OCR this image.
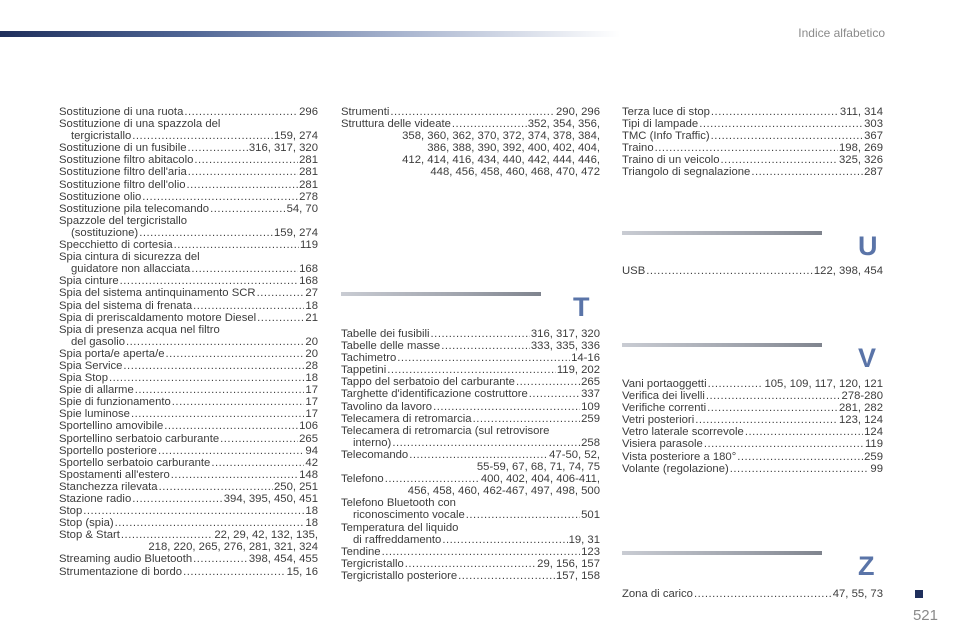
Indice alfabetico
Sostituzione di una ruota .....	296
Sostituzione di una spazzola del
tergicristallo .....	159, 274
Sostituzione di un fusibile .....	316, 317, 320
Sostituzione filtro abitacolo .....	281
Sostituzione filtro dell'aria .....	281
Sostituzione filtro dell'olio .....	281
Sostituzione olio .....	278
Sostituzione pila telecomando .....	54, 70
Spazzole del tergicristallo
(sostituzione) .....	159, 274
Specchietto di cortesia .....	119
Spia cintura di sicurezza del
guidatore non allacciata .....	168
Spia cinture .....	168
Spia del sistema antinquinamento SCR .....	27
Spia del sistema di frenata .....	18
Spia di preriscaldamento motore Diesel .....	21
Spia di presenza acqua nel filtro
del gasolio .....	20
Spia porta/e aperta/e .....	20
Spia Service .....	28
Spia Stop .....	18
Spie di allarme .....	17
Spie di funzionamento .....	17
Spie luminose .....	17
Sportellino amovibile .....	106
Sportellino serbatoio carburante .....	265
Sportello posteriore .....	94
Sportello serbatoio carburante .....	42
Spostamenti all'estero .....	148
Stanchezza rilevata .....	250, 251
Stazione radio .....	394, 395, 450, 451
Stop .....	18
Stop (spia) .....	18
Stop & Start .....	22, 29, 42, 132, 135,
218, 220, 265, 276, 281, 321, 324
Streaming audio Bluetooth .....	398, 454, 455
Strumentazione di bordo .....	15, 16
Strumenti .....	290, 296
Struttura delle videate .....	352, 354, 356,
358, 360, 362, 370, 372, 374, 378, 384,
386, 388, 390, 392, 400, 402, 404,
412, 414, 416, 434, 440, 442, 444, 446,
448, 456, 458, 460, 468, 470, 472
T
Tabelle dei fusibili .....	316, 317, 320
Tabelle delle masse .....	333, 335, 336
Tachimetro .....	14-16
Tappetini .....	119, 202
Tappo del serbatoio del carburante .....	265
Targhette d'identificazione costruttore .....	337
Tavolino da lavoro .....	109
Telecamera di retromarcia .....	259
Telecamera di retromarcia (sul retrovisore
interno) .....	258
Telecomando .....	47-50, 52,
55-59, 67, 68, 71, 74, 75
Telefono .....	400, 402, 404, 406-411,
456, 458, 460, 462-467, 497, 498, 500
Telefono Bluetooth con
riconoscimento vocale .....	501
Temperatura del liquido
di raffreddamento .....	19, 31
Tendine .....	123
Tergicristallo .....	29, 156, 157
Tergicristallo posteriore .....	157, 158
Terza luce di stop .....	311, 314
Tipi di lampade .....	303
TMC (Info Traffic) .....	367
Traino .....	198, 269
Traino di un veicolo .....	325, 326
Triangolo di segnalazione .....	287
U
USB .....	122, 398, 454
V
Vani portaoggetti .....	105, 109, 117, 120, 121
Verifica dei livelli .....	278-280
Verifiche correnti .....	281, 282
Vetri posteriori .....	123, 124
Vetro laterale scorrevole .....	124
Visiera parasole .....	119
Vista posteriore a 180° .....	259
Volante (regolazione) .....	99
Z
Zona di carico .....	47, 55, 73
521
